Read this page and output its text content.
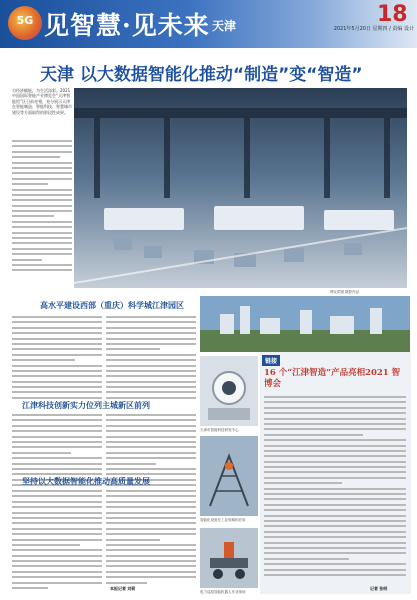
5G 见智慧·见未来 天津	18
2021年5月20日 星期四 / 责编 设计
天津 以大数据智能化推动“制造”变“智造”
为经济赋能，为生活添彩。2021中国国际智能产业博览会“天津智能馆”区日前亮相，充分展示天津在智能制造、智能科技、智慧城市建设等方面取得的阶段性成果。
网友供图 摄影作品
高水平建设西部（重庆）科学城江津园区
江津科技创新实力位列主城新区前列
天津市智能科技研发中心
坚持以大数据智能化推动高质量发展
本报记者 刘莉
智能化设备在工业领域的应用
电力巡检智能机器人作业现场
链接
16 个“江津智造”产品亮相2021 智博会
记者 张明
